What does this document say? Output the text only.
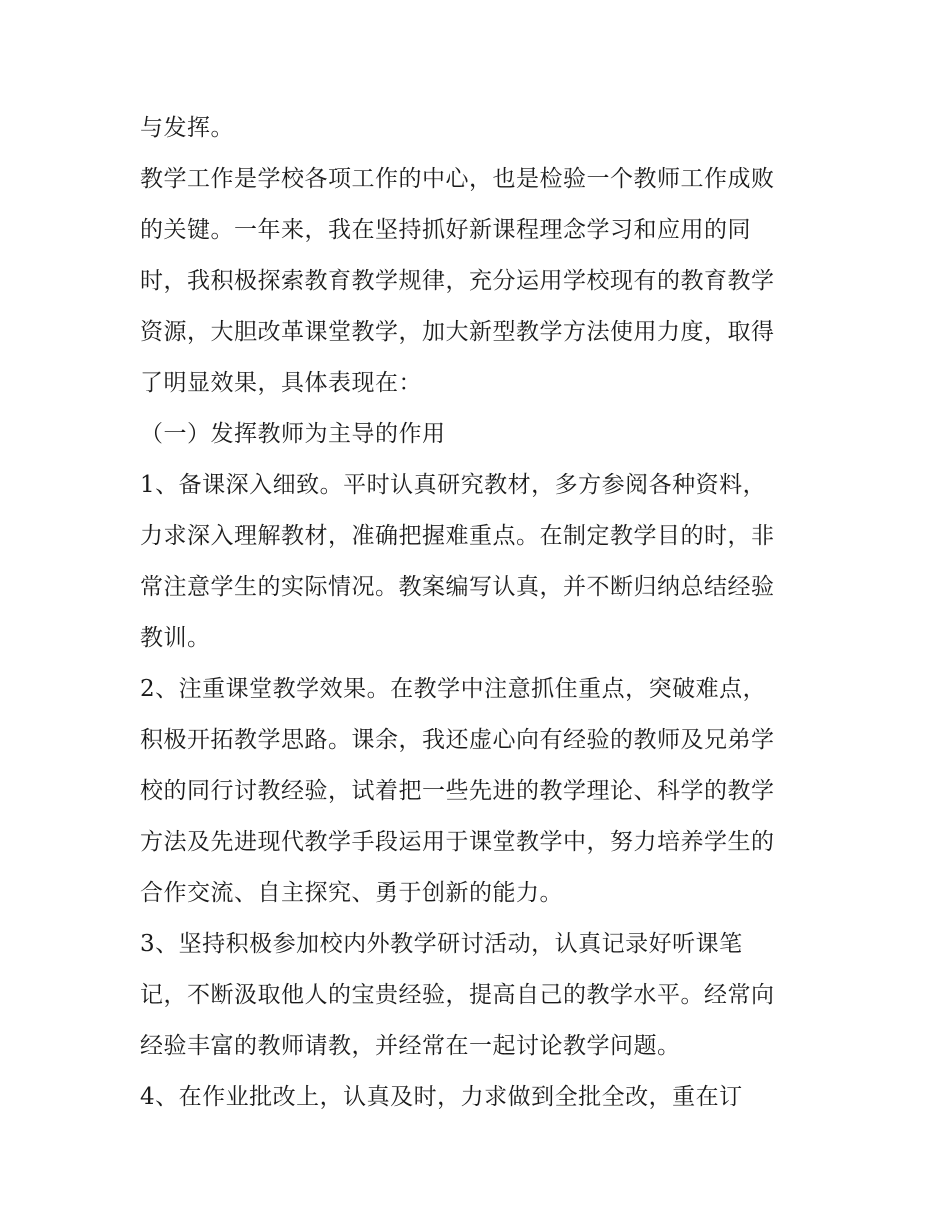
与发挥。

教学工作是学校各项工作的中心，也是检验一个教师工作成败

的关键。一年来，我在坚持抓好新课程理念学习和应用的同

时，我积极探索教育教学规律，充分运用学校现有的教育教学

资源，大胆改革课堂教学，加大新型教学方法使用力度，取得

了明显效果，具体表现在：

（一）发挥教师为主导的作用

1、备课深入细致。平时认真研究教材，多方参阅各种资料，

力求深入理解教材，准确把握难重点。在制定教学目的时，非

常注意学生的实际情况。教案编写认真，并不断归纳总结经验

教训。

2、注重课堂教学效果。在教学中注意抓住重点，突破难点，

积极开拓教学思路。课余，我还虚心向有经验的教师及兄弟学

校的同行讨教经验，试着把一些先进的教学理论、科学的教学

方法及先进现代教学手段运用于课堂教学中，努力培养学生的

合作交流、自主探究、勇于创新的能力。

3、坚持积极参加校内外教学研讨活动，认真记录好听课笔

记，不断汲取他人的宝贵经验，提高自己的教学水平。经常向

经验丰富的教师请教，并经常在一起讨论教学问题。

4、在作业批改上，认真及时，力求做到全批全改，重在订
